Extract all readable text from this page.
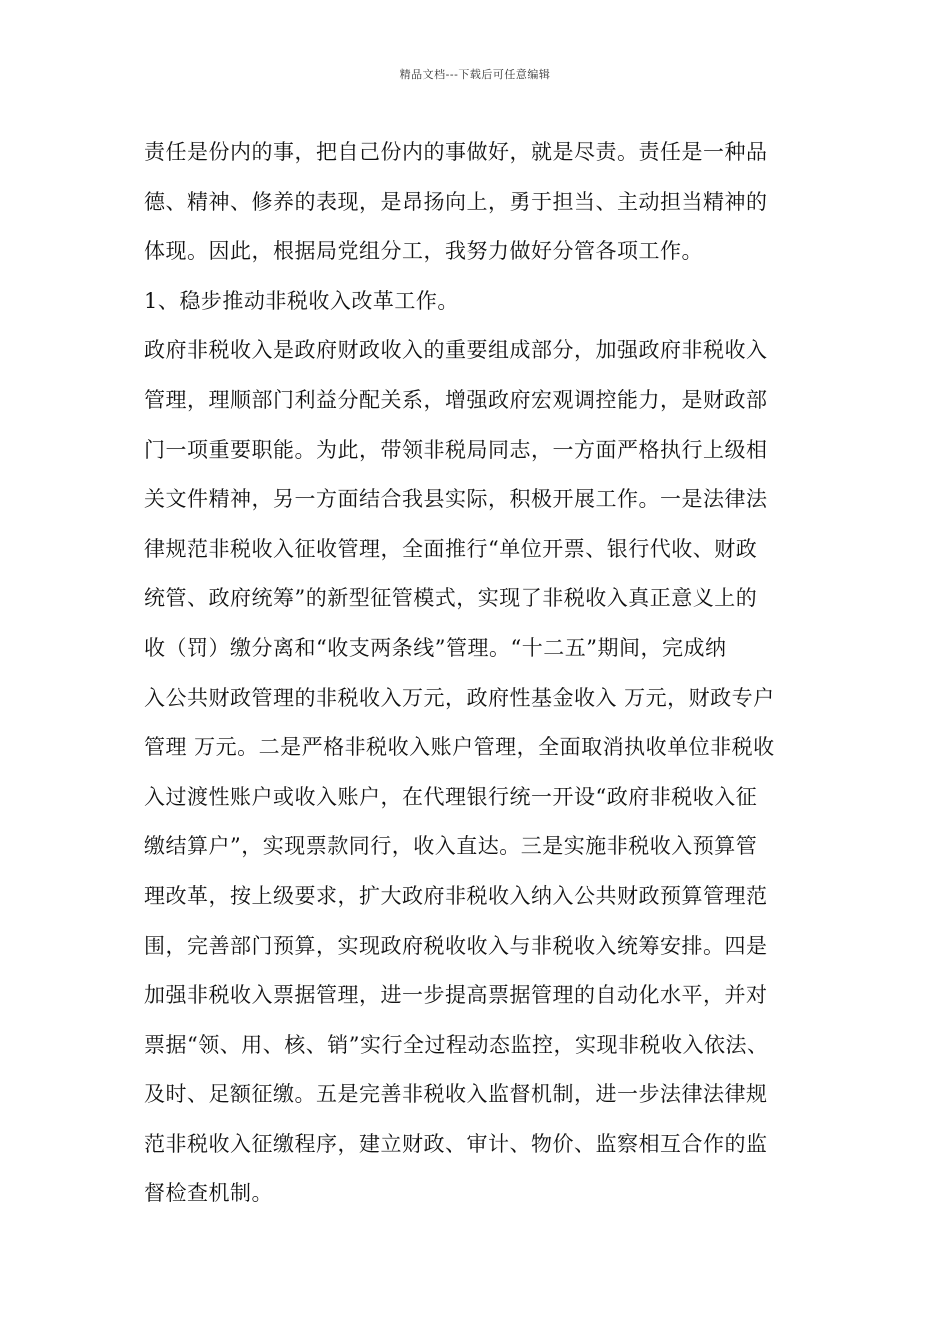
精品文档---下载后可任意编辑
责任是份内的事，把自己份内的事做好，就是尽责。责任是一种品
德、精神、修养的表现，是昂扬向上，勇于担当、主动担当精神的
体现。因此，根据局党组分工，我努力做好分管各项工作。
1、稳步推动非税收入改革工作。
政府非税收入是政府财政收入的重要组成部分，加强政府非税收入
管理，理顺部门利益分配关系，增强政府宏观调控能力，是财政部
门一项重要职能。为此，带领非税局同志，一方面严格执行上级相
关文件精神，另一方面结合我县实际，积极开展工作。一是法律法
律规范非税收入征收管理，全面推行“单位开票、银行代收、财政
统管、政府统筹”的新型征管模式，实现了非税收入真正意义上的
收（罚）缴分离和“收支两条线”管理。“十二五”期间，完成纳
入公共财政管理的非税收入万元，政府性基金收入 万元，财政专户
管理 万元。二是严格非税收入账户管理，全面取消执收单位非税收
入过渡性账户或收入账户，在代理银行统一开设“政府非税收入征
缴结算户”，实现票款同行，收入直达。三是实施非税收入预算管
理改革，按上级要求，扩大政府非税收入纳入公共财政预算管理范
围，完善部门预算，实现政府税收收入与非税收入统筹安排。四是
加强非税收入票据管理，进一步提高票据管理的自动化水平，并对
票据“领、用、核、销”实行全过程动态监控，实现非税收入依法、
及时、足额征缴。五是完善非税收入监督机制，进一步法律法律规
范非税收入征缴程序，建立财政、审计、物价、监察相互合作的监
督检查机制。
